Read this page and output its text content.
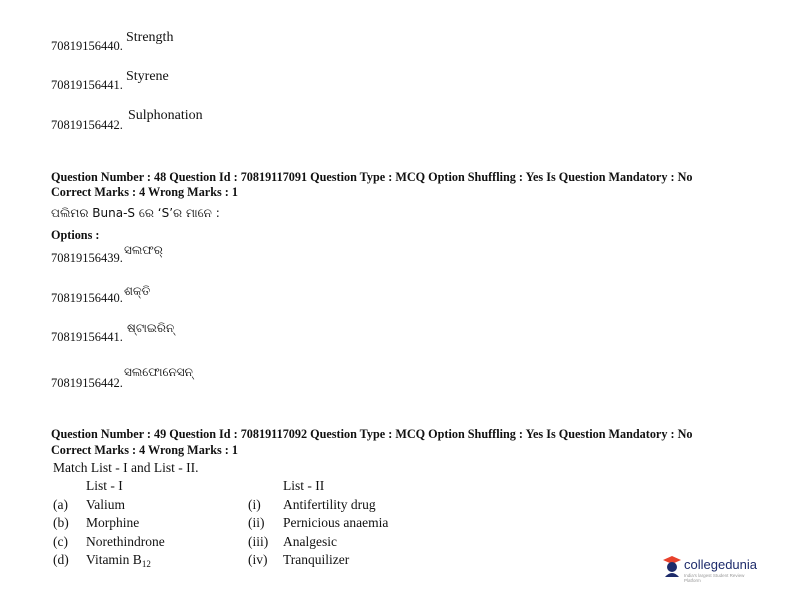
70819156440.
Strength
70819156441.
Styrene
70819156442.
Sulphonation
Question Number : 48 Question Id : 70819117091 Question Type : MCQ Option Shuffling : Yes Is Question Mandatory : No
Correct Marks : 4 Wrong Marks : 1
ପଲିମର Buna-S ରେ ‘S’ର ମାନେ :
Options :
70819156439.
ସଲଫର୍
70819156440. ଶକ୍ତି
70819156441.
ଷ୍ଟାଇରିନ୍
70819156442.
ସଲଫୋନେସନ୍
Question Number : 49 Question Id : 70819117092 Question Type : MCQ Option Shuffling : Yes Is Question Mandatory : No
Correct Marks : 4 Wrong Marks : 1
Match List - I and List - II.
List - I	List - II
(a) Valium	(i) Antifertility drug
(b) Morphine	(ii) Pernicious anaemia
(c) Norethindrone	(iii) Analgesic
(d) Vitamin $B_{12}$	(iv) Tranquilizer	collegedunia
India's largest Student Review Platform
